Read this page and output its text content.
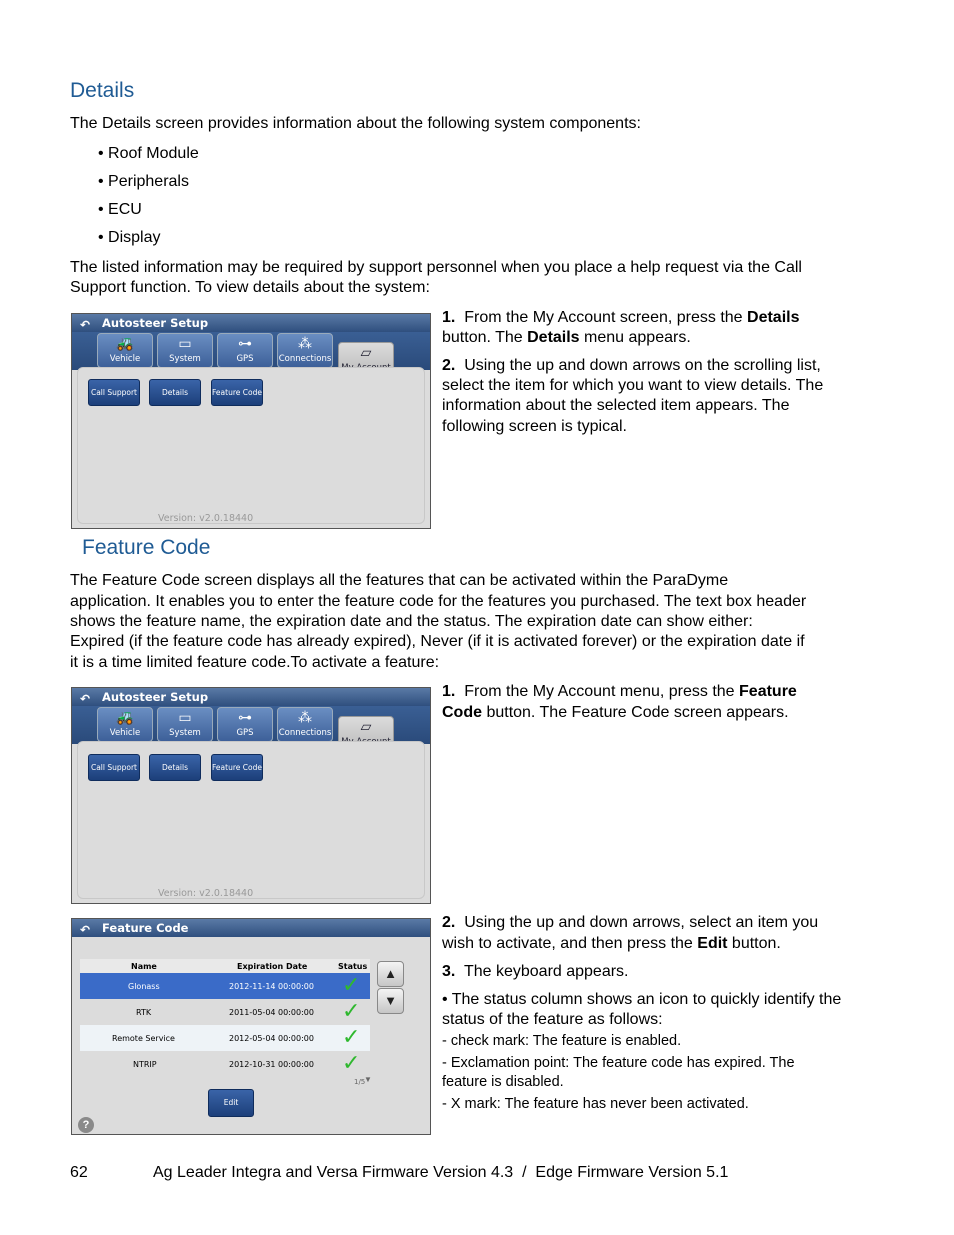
Details
The Details screen provides information about the following system components:
• Roof Module
• Peripherals
• ECU
• Display
The listed information may be required by support personnel when you place a help request via the Call
Support function. To view details about the system:
↶ Autosteer Setup
🚜
Vehicle
▭
System
⊶
GPS
⁂
Connections	▱
Call Support	Details	Feature Code
Version: v2.0.18440
1. From the My Account screen, press the Details
button. The Details menu appears.
2. Using the up and down arrows on the scrolling list,
select the item for which you want to view details. The
information about the selected item appears. The
following screen is typical.
Feature Code
The Feature Code screen displays all the features that can be activated within the ParaDyme
application. It enables you to enter the feature code for the features you purchased. The text box header
shows the feature name, the expiration date and the status. The expiration date can show either:
Expired (if the feature code has already expired), Never (if it is activated forever) or the expiration date if
it is a time limited feature code.To activate a feature:
↶ Autosteer Setup
🚜
Vehicle
▭
System
⊶
GPS
⁂
Connections	▱
Call Support	Details	Feature Code
Version: v2.0.18440
1. From the My Account menu, press the Feature
Code button. The Feature Code screen appears.
↶ Feature Code
Name	Expiration Date	Status
Glonass	2012-11-14 00:00:00 ✓
RTK	2011-05-04 00:00:00 ✓
Remote Service	2012-05-04 00:00:00 ✓
NTRIP	2012-10-31 00:00:00 ✓
1/5
▼
▲
▼
Edit
?
2. Using the up and down arrows, select an item you
wish to activate, and then press the Edit button.
3. The keyboard appears.
• The status column shows an icon to quickly identify the
status of the feature as follows:
- check mark: The feature is enabled.
- Exclamation point: The feature code has expired. The
feature is disabled.
- X mark: The feature has never been activated.
62	Ag Leader Integra and Versa Firmware Version 4.3  /  Edge Firmware Version 5.1
